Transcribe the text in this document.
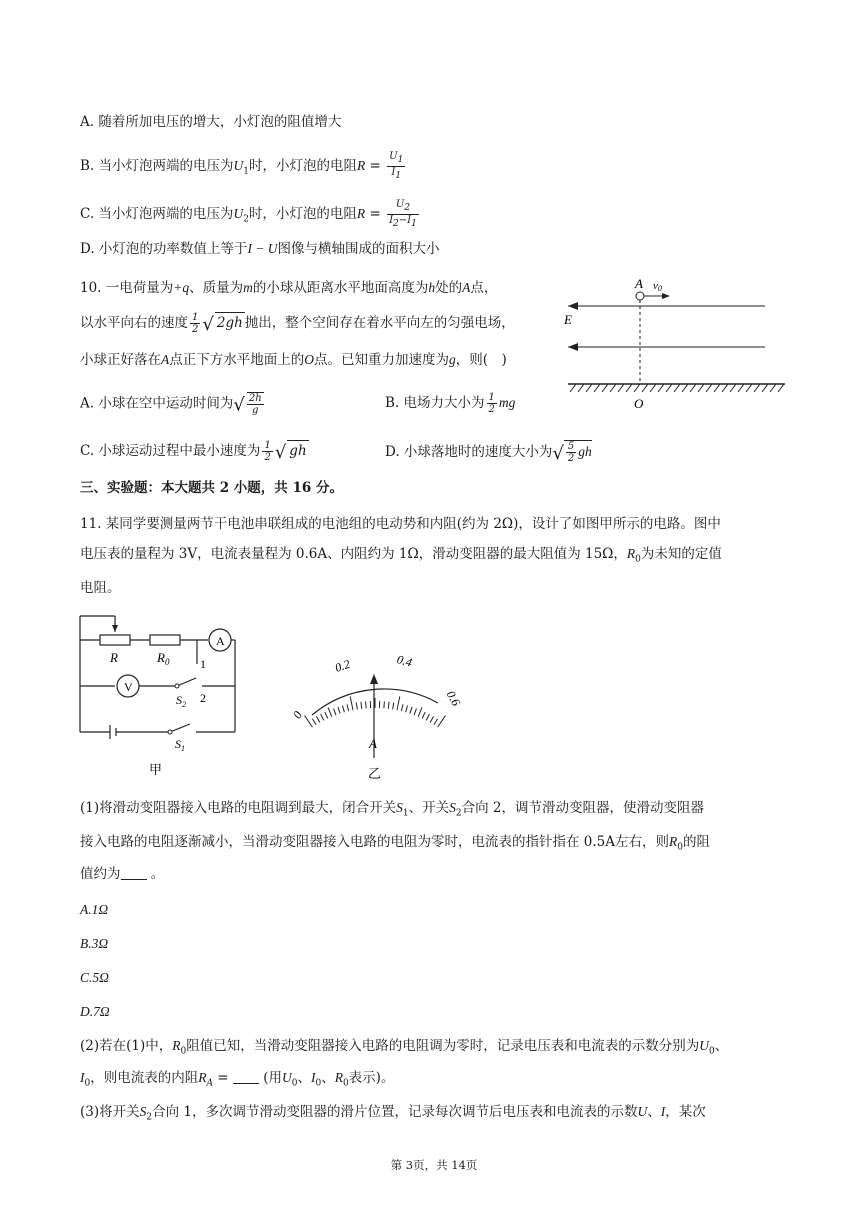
A. 随着所加电压的增大，小灯泡的阻值增大
B. 当小灯泡两端的电压为$U_1$时，小灯泡的电阻$R = \frac{U_1}{I_1}$
C. 当小灯泡两端的电压为$U_2$时，小灯泡的电阻$R = \frac{U_2}{I_2-I_1}$
D. 小灯泡的功率数值上等于I − U图像与横轴围成的面积大小
10. 一电荷量为+q、质量为m的小球从距离水平地面高度为h处的A点，
以水平向右的速度 $\frac{1}{2}$ √ 2gh 抛出，整个空间存在着水平向左的匀强电场，
小球正好落在A点正下方水平地面上的O点。已知重力加速度为g，则(　)
A. 小球在空中运动时间为√ $\frac{2h}{g}$	B. 电场力大小为 $\frac{1}{2}$ mg
C. 小球运动过程中最小速度为 $\frac{1}{2}$ √ gh	D. 小球落地时的速度大小为√ $\frac{5}{2}$ gh
A v0
E
O
三、实验题：本大题共 2 小题，共 16 分。
11. 某同学要测量两节干电池串联组成的电池组的电动势和内阻(约为 2Ω)，设计了如图甲所示的电路。图中
电压表的量程为 3V，电流表量程为 0.6A、内阻约为 1Ω，滑动变阻器的最大阻值为 15Ω，$R_0$为未知的定值
电阻。
R	$R_0$
A
V
1
2
$S_2$
$S_1$
甲
0
0.2	0.4
0.6
A
乙
(1)将滑动变阻器接入电路的电阻调到最大，闭合开关$S_1$、开关$S_2$合向 2，调节滑动变阻器，使滑动变阻器
接入电路的电阻逐渐减小，当滑动变阻器接入电路的电阻为零时，电流表的指针指在 0.5A左右，则$R_0$的阻
值约为 。
A.1Ω
B.3Ω
C.5Ω
D.7Ω
(2)若在(1)中，$R_0$阻值已知，当滑动变阻器接入电路的电阻调为零时，记录电压表和电流表的示数分别为$U_0$、
$I_0$，则电流表的内阻$R_A$ =  (用$U_0$、$I_0$、$R_0$表示)。
(3)将开关$S_2$合向 1，多次调节滑动变阻器的滑片位置，记录每次调节后电压表和电流表的示数U、I，某次
第 3页，共 14页
